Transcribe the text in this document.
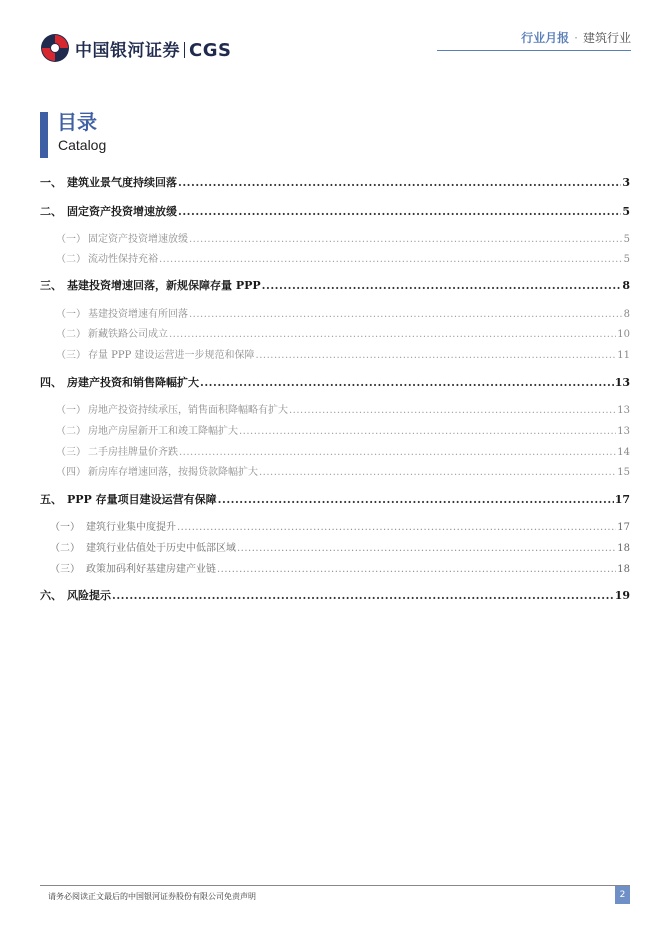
中国银河证券 CGS
行业月报 · 建筑行业
目录
Catalog
一、 建筑业景气度持续回落 .....	3
二、 固定资产投资增速放缓 .....	5
（一） 固定资产投资增速放缓 .....	5
（二） 流动性保持充裕 .....	5
三、 基建投资增速回落，新规保障存量 PPP .....	8
（一） 基建投资增速有所回落 .....	8
（二） 新藏铁路公司成立 .....	10
（三） 存量 PPP 建设运营进一步规范和保障 .....	11
四、 房建产投资和销售降幅扩大 .....	13
（一） 房地产投资持续承压，销售面积降幅略有扩大 .....	13
（二） 房地产房屋新开工和竣工降幅扩大 .....	13
（三） 二手房挂牌量价齐跌 .....	14
（四） 新房库存增速回落，按揭贷款降幅扩大 .....	15
五、 PPP 存量项目建设运营有保障 .....	17
（一） 建筑行业集中度提升 .....	17
（二） 建筑行业估值处于历史中低部区域 .....	18
（三） 政策加码利好基建房建产业链 .....	18
六、 风险提示 .....	19
请务必阅读正文最后的中国银河证券股份有限公司免责声明	2
